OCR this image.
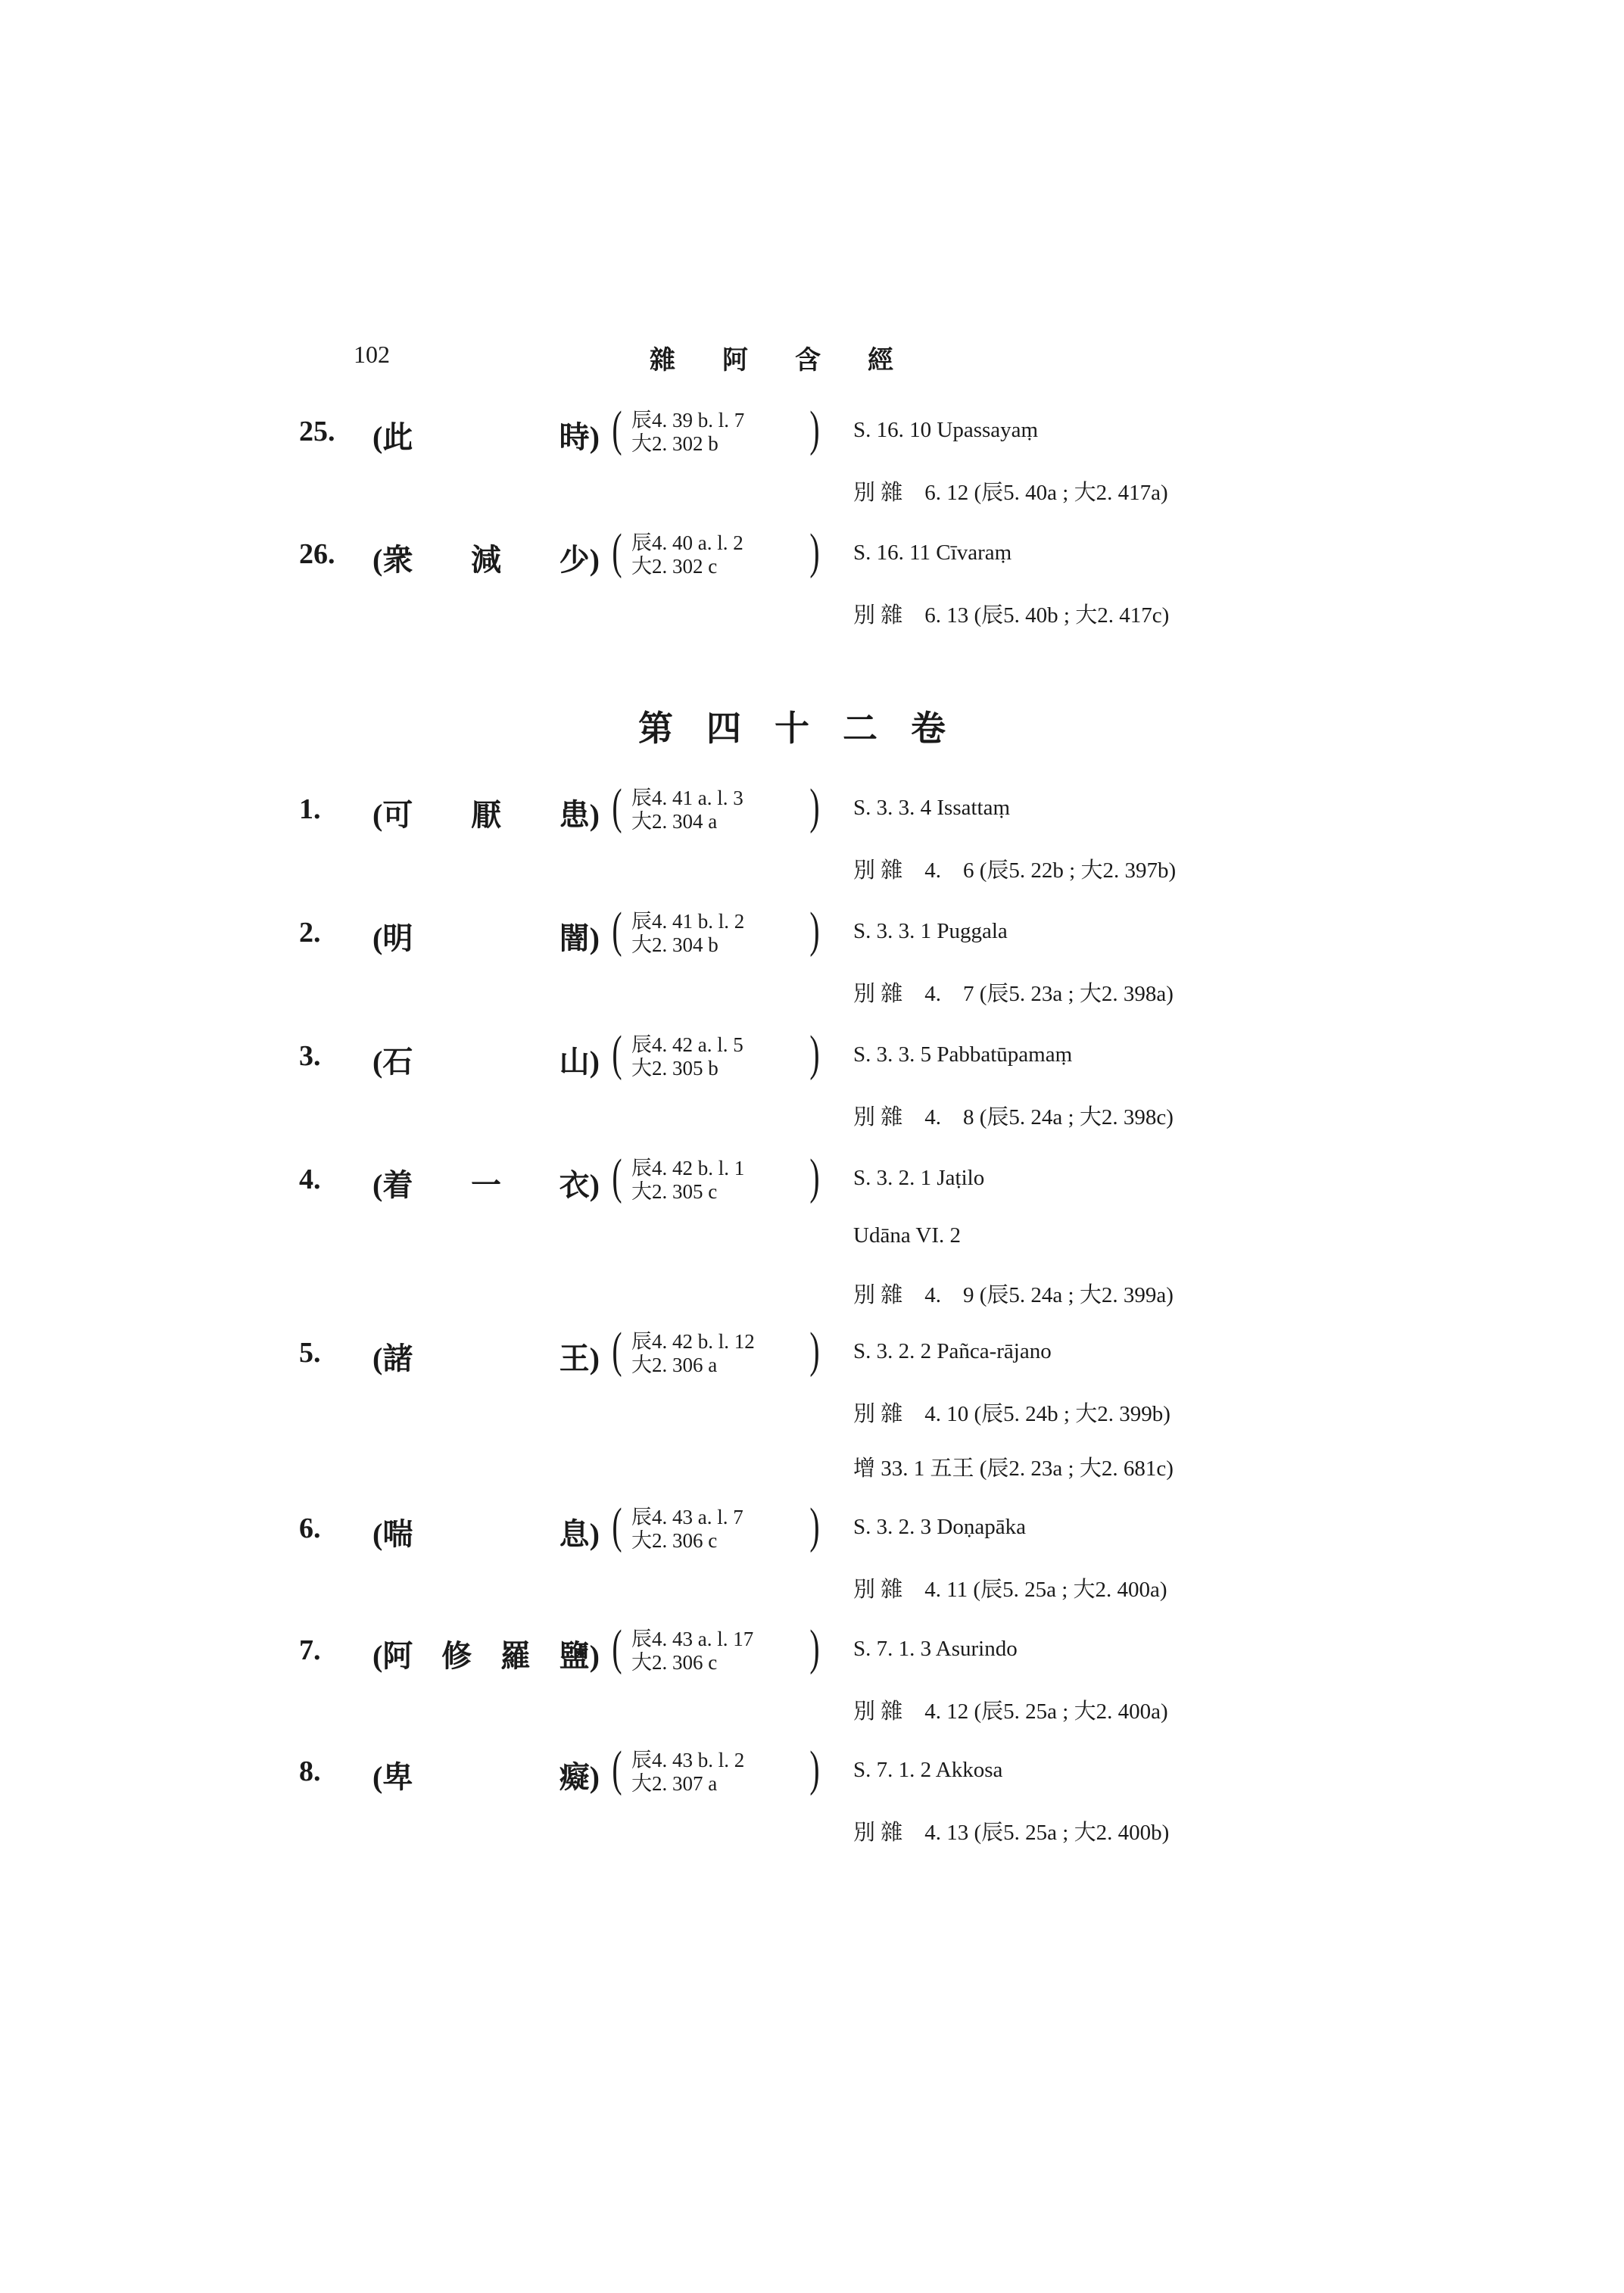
102	雜阿含經
第四十二卷
25. (此	時) ( 辰4. 39 b. l. 7
大2. 302 b ) S. 16. 10 Upassayaṃ
別 雜　6. 12 (辰5. 40a ; 大2. 417a)
26. (衆 減 少) ( 辰4. 40 a. l. 2
大2. 302 c ) S. 16. 11 Cīvaraṃ
別 雜　6. 13 (辰5. 40b ; 大2. 417c)
1. (可 厭 患) ( 辰4. 41 a. l. 3
大2. 304 a ) S. 3. 3. 4 Issattaṃ
別 雜　4.　6 (辰5. 22b ; 大2. 397b)
2. (明	闇) ( 辰4. 41 b. l. 2
大2. 304 b ) S. 3. 3. 1 Puggala
別 雜　4.　7 (辰5. 23a ; 大2. 398a)
3. (石	山) ( 辰4. 42 a. l. 5
大2. 305 b ) S. 3. 3. 5 Pabbatūpamaṃ
別 雜　4.　8 (辰5. 24a ; 大2. 398c)
4. (着 一 衣) ( 辰4. 42 b. l. 1
大2. 305 c ) S. 3. 2. 1 Jaṭilo
Udāna VI. 2
別 雜　4.　9 (辰5. 24a ; 大2. 399a)
5. (諸	王) ( 辰4. 42 b. l. 12
大2. 306 a ) S. 3. 2. 2 Pañca-rājano
別 雜　4. 10 (辰5. 24b ; 大2. 399b)
增 33. 1 五王 (辰2. 23a ; 大2. 681c)
6. (喘	息) ( 辰4. 43 a. l. 7
大2. 306 c ) S. 3. 2. 3 Doṇapāka
別 雜　4. 11 (辰5. 25a ; 大2. 400a)
7. (阿 修 羅 鹽) ( 辰4. 43 a. l. 17
大2. 306 c ) S. 7. 1. 3 Asurindo
別 雜　4. 12 (辰5. 25a ; 大2. 400a)
8. (卑	癡) ( 辰4. 43 b. l. 2
大2. 307 a ) S. 7. 1. 2 Akkosa
別 雜　4. 13 (辰5. 25a ; 大2. 400b)
